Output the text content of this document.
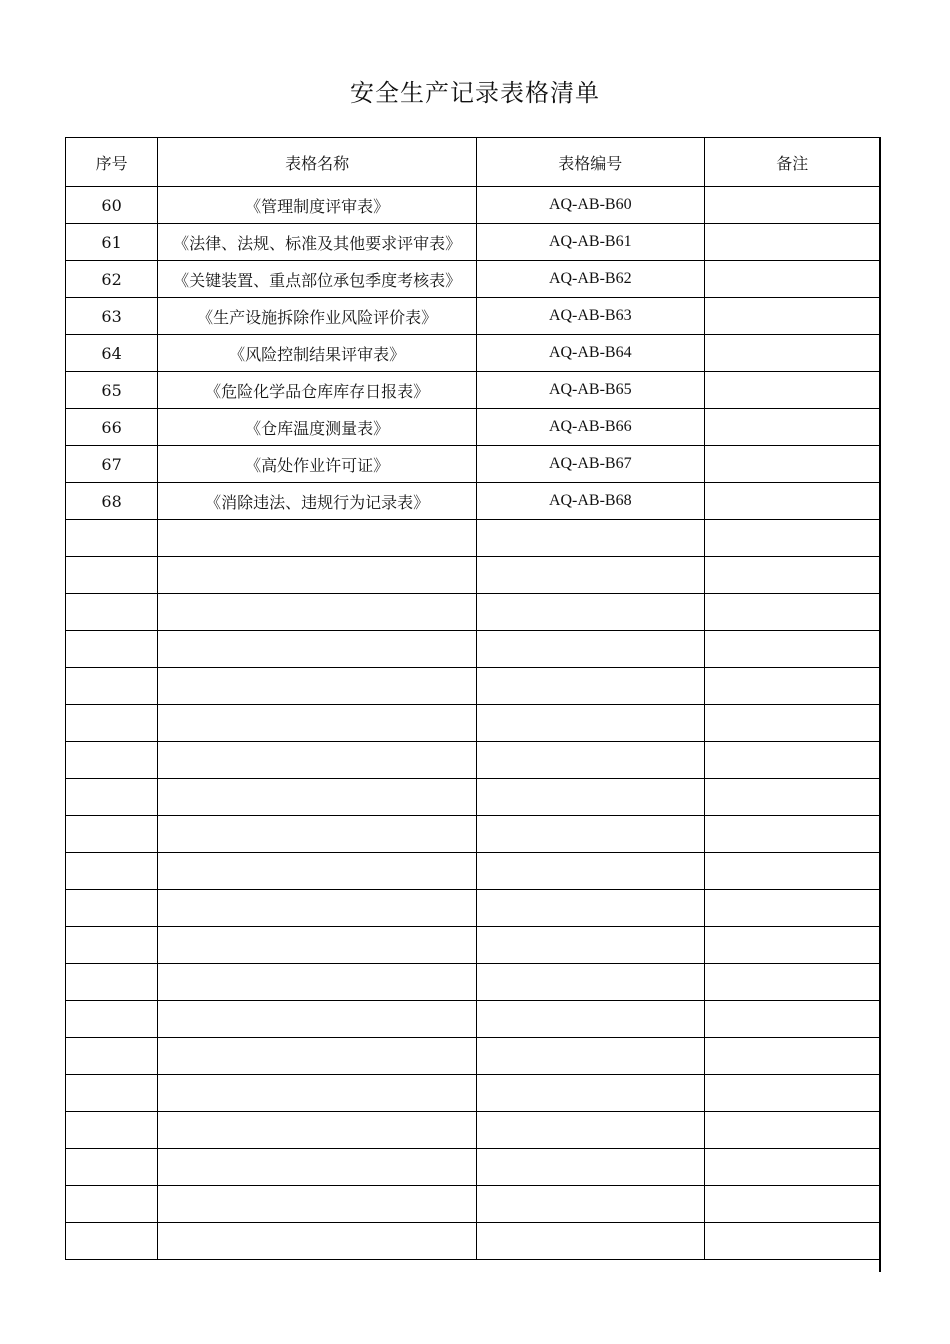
安全生产记录表格清单
序号	表格名称	表格编号	备注
60	《管理制度评审表》	AQ-AB-B60	
61	《法律、法规、标准及其他要求评审表》	AQ-AB-B61	
62	《关键装置、重点部位承包季度考核表》	AQ-AB-B62	
63	《生产设施拆除作业风险评价表》	AQ-AB-B63	
64	《风险控制结果评审表》	AQ-AB-B64	
65	《危险化学品仓库库存日报表》	AQ-AB-B65	
66	《仓库温度测量表》	AQ-AB-B66	
67	《高处作业许可证》	AQ-AB-B67	
68	《消除违法、违规行为记录表》	AQ-AB-B68	
